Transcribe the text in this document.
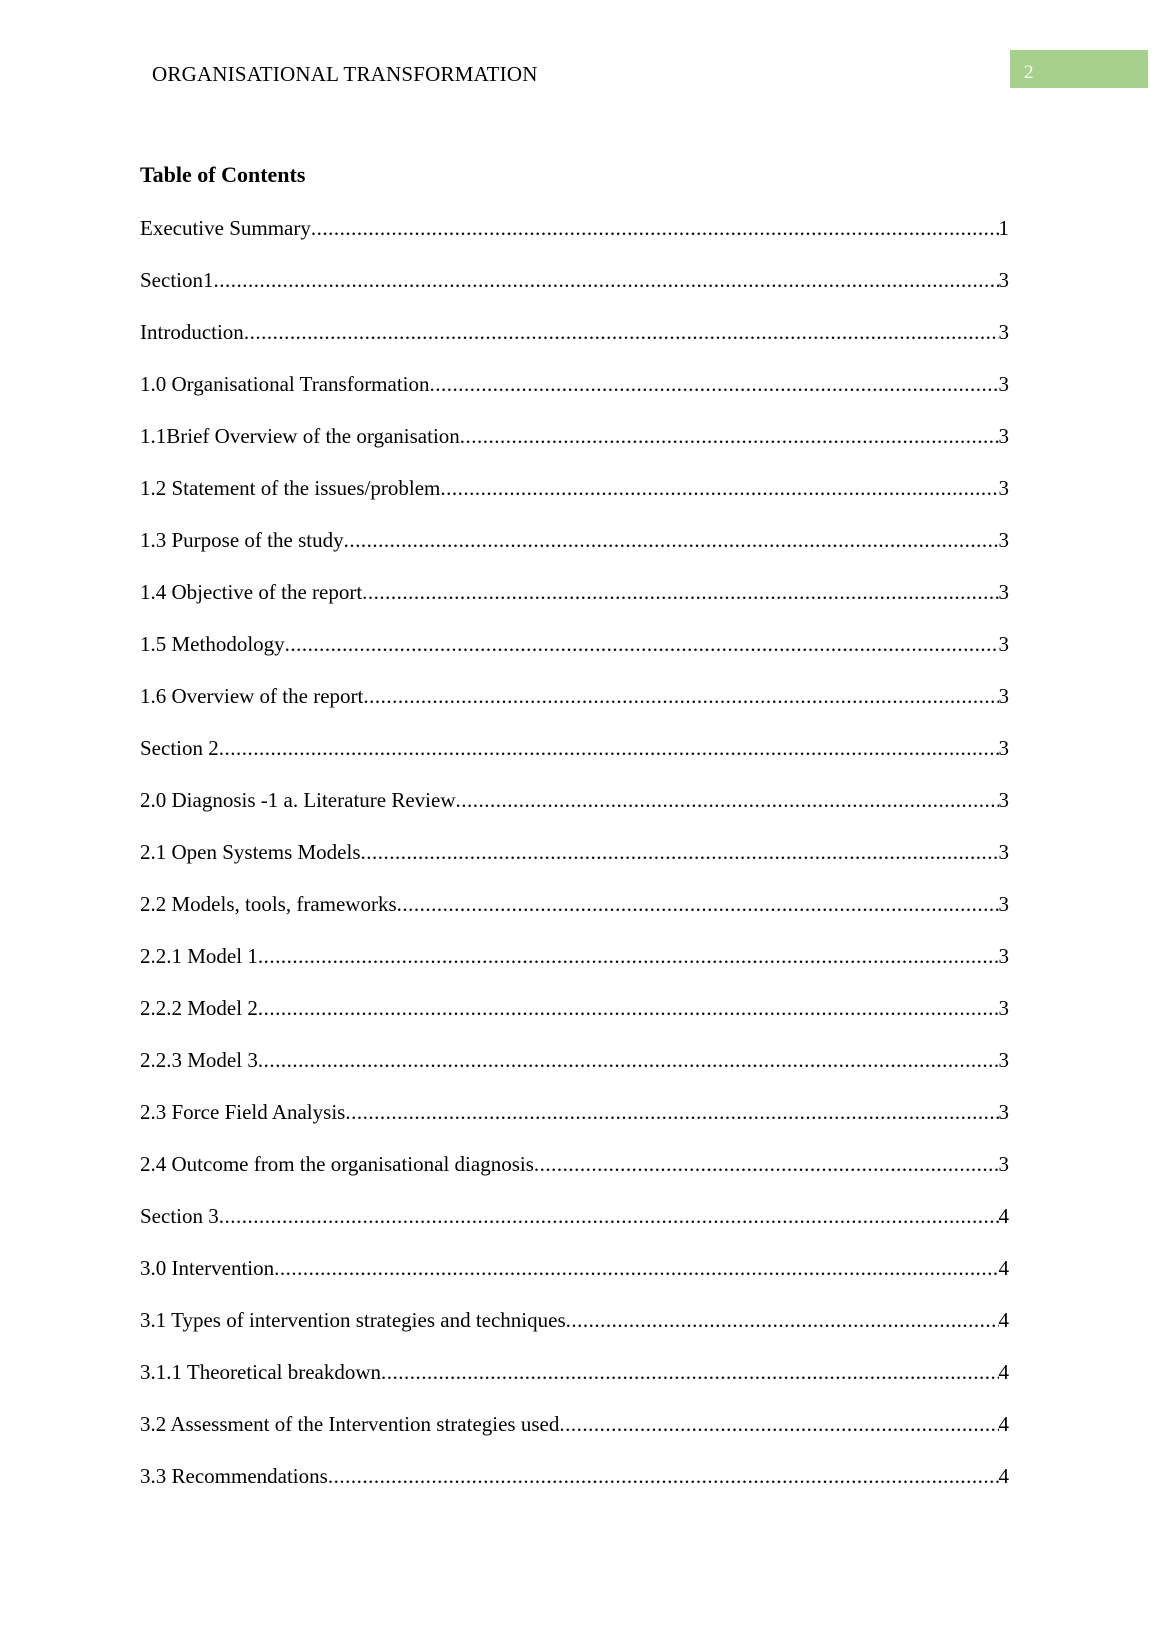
ORGANISATIONAL TRANSFORMATION	2
Table of Contents
Executive Summary .....	1
Section1 .....	3
Introduction .....	3
1.0 Organisational Transformation .....	3
1.1Brief Overview of the organisation .....	3
1.2 Statement of the issues/problem .....	3
1.3 Purpose of the study .....	3
1.4 Objective of the report .....	3
1.5 Methodology .....	3
1.6 Overview of the report .....	3
Section 2 .....	3
2.0 Diagnosis -1 a. Literature Review .....	3
2.1 Open Systems Models .....	3
2.2 Models, tools, frameworks .....	3
2.2.1 Model 1 .....	3
2.2.2 Model 2 .....	3
2.2.3 Model 3 .....	3
2.3 Force Field Analysis .....	3
2.4 Outcome from the organisational diagnosis .....	3
Section 3 .....	4
3.0 Intervention .....	4
3.1 Types of intervention strategies and techniques .....	4
3.1.1 Theoretical breakdown .....	4
3.2 Assessment of the Intervention strategies used .....	4
3.3 Recommendations .....	4
